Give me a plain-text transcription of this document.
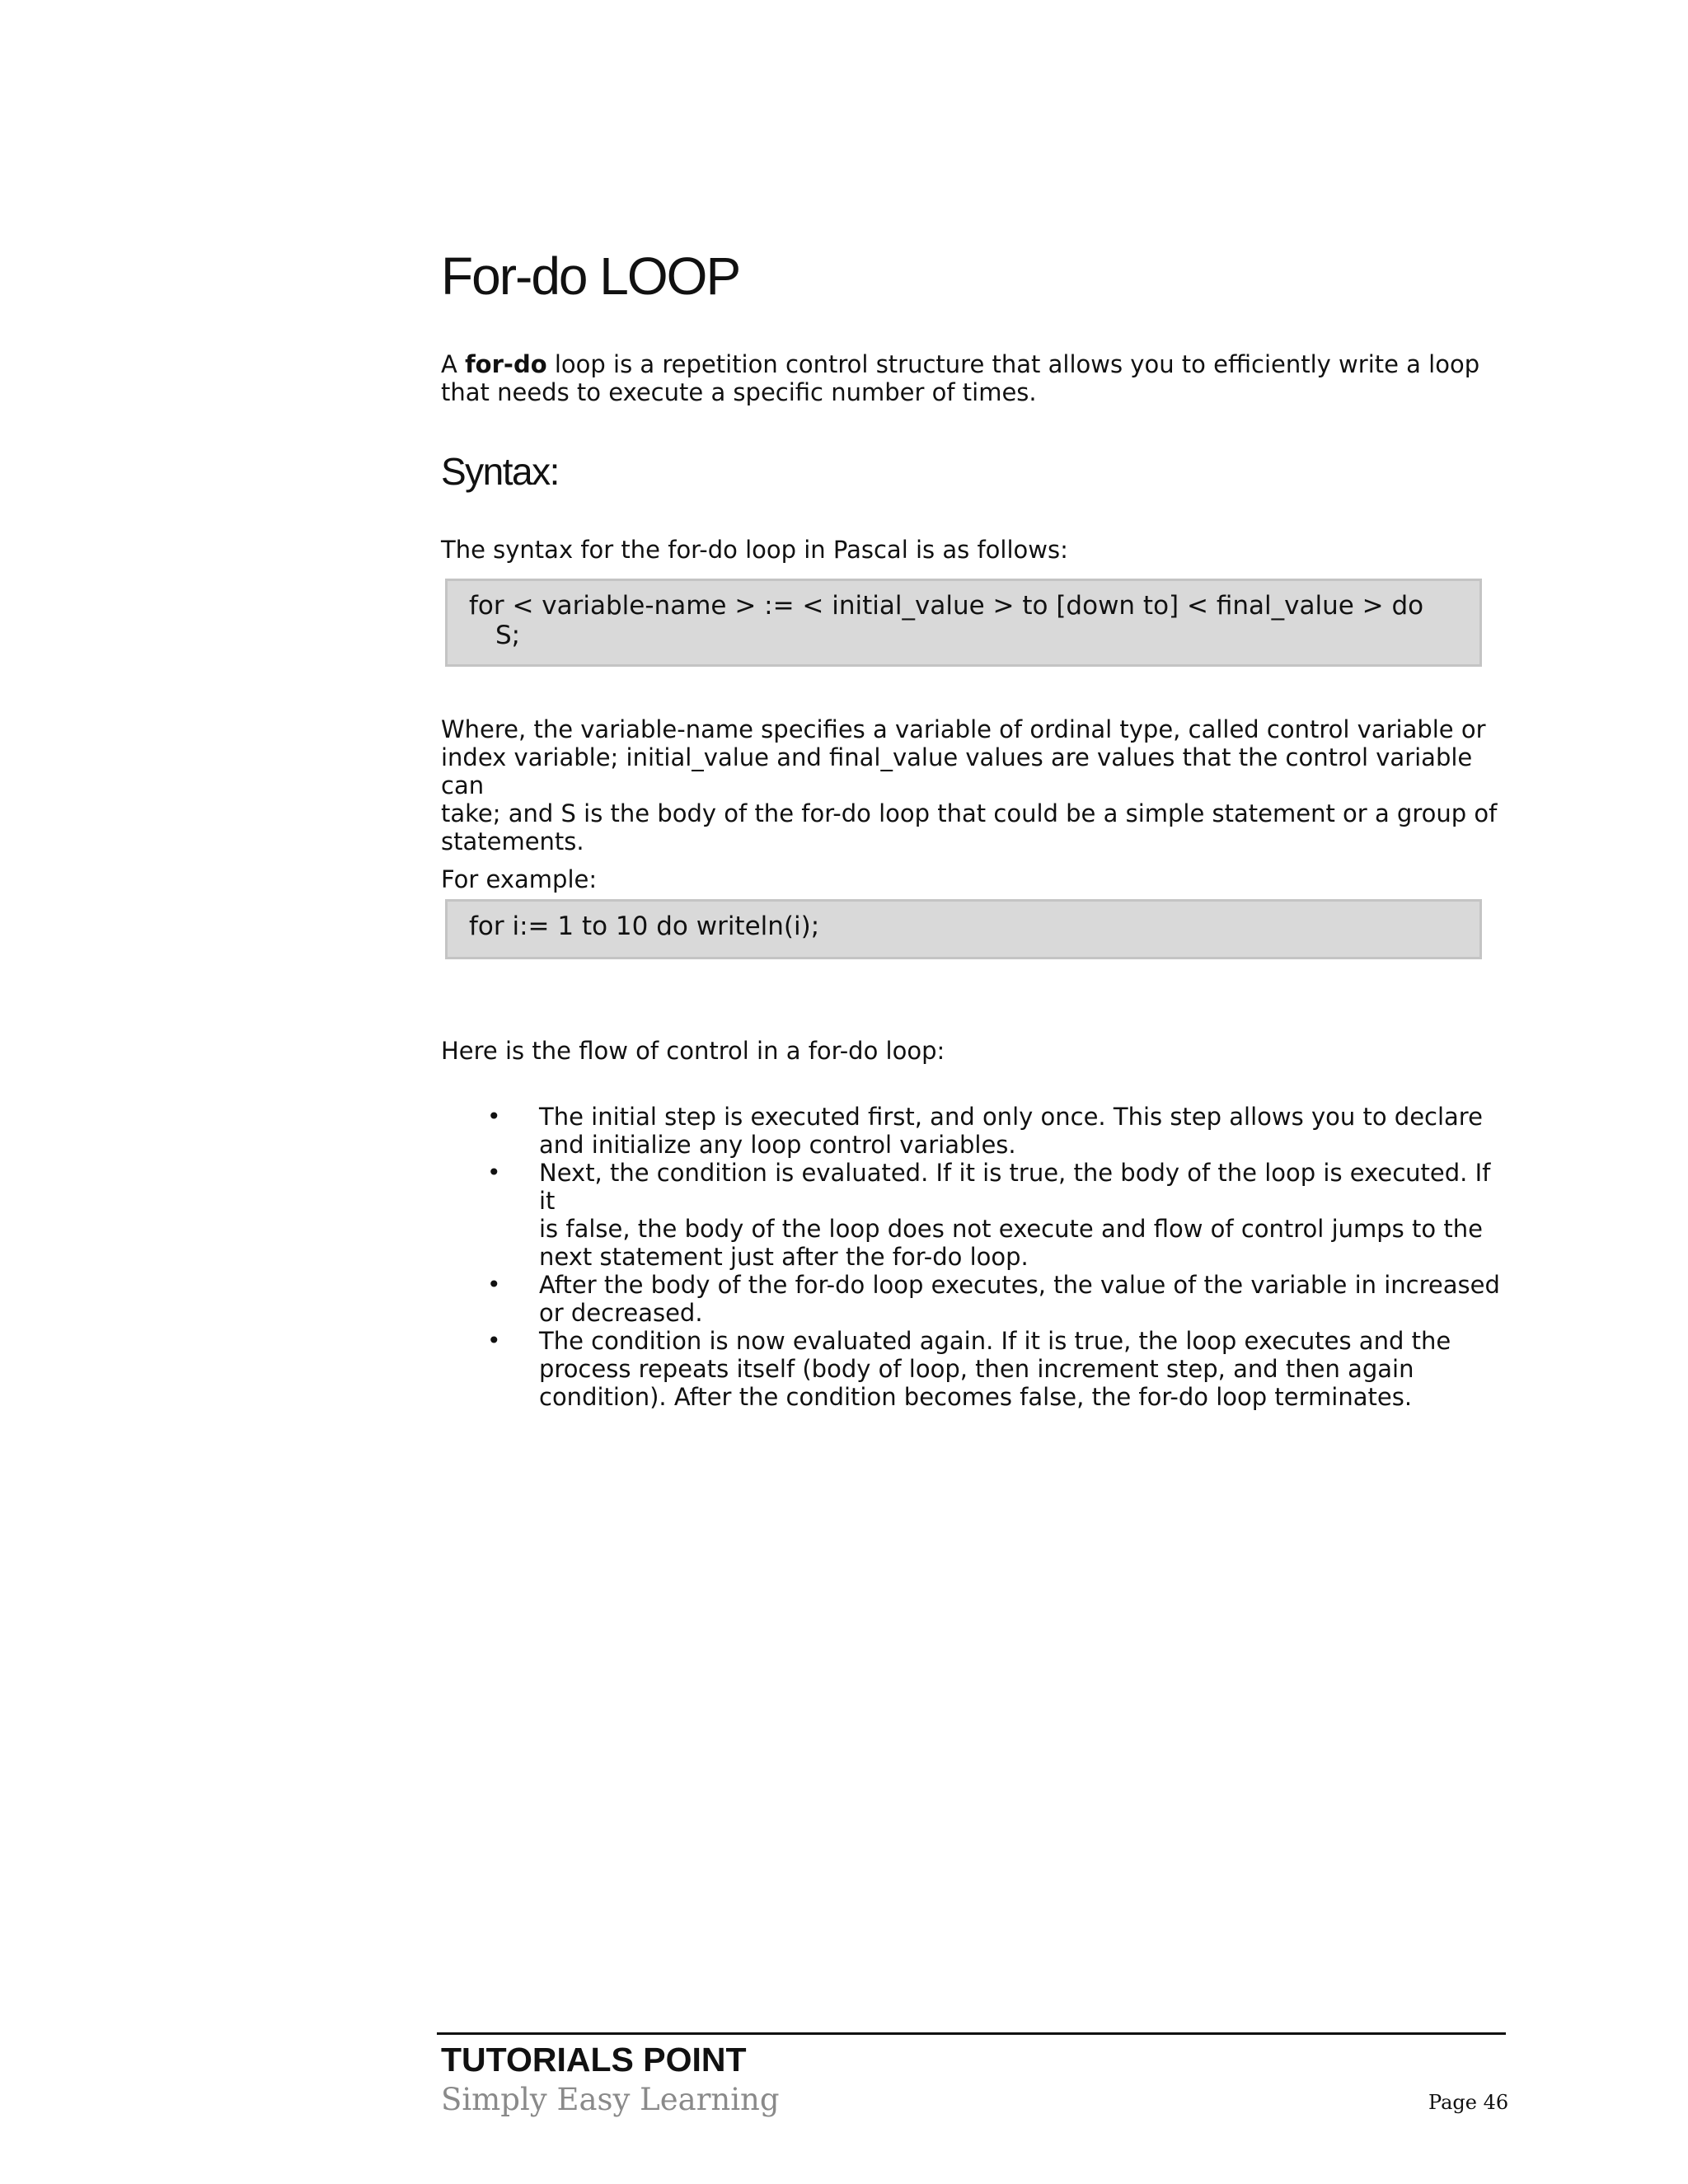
For-do LOOP

A for-do loop is a repetition control structure that allows you to efficiently write a loop
that needs to execute a specific number of times.

Syntax:

The syntax for the for-do loop in Pascal is as follows:

for < variable-name > := < initial_value > to [down to] < final_value > do
S;

Where, the variable-name specifies a variable of ordinal type, called control variable or
index variable; initial_value and final_value values are values that the control variable can
take; and S is the body of the for-do loop that could be a simple statement or a group of
statements.

For example:

for i:= 1 to 10 do writeln(i);

Here is the flow of control in a for-do loop:

• The initial step is executed first, and only once. This step allows you to declare
and initialize any loop control variables.
• Next, the condition is evaluated. If it is true, the body of the loop is executed. If it
is false, the body of the loop does not execute and flow of control jumps to the
next statement just after the for-do loop.
• After the body of the for-do loop executes, the value of the variable in increased
or decreased.
• The condition is now evaluated again. If it is true, the loop executes and the
process repeats itself (body of loop, then increment step, and then again
condition). After the condition becomes false, the for-do loop terminates.
TUTORIALS POINT
Simply Easy Learning	Page 46
